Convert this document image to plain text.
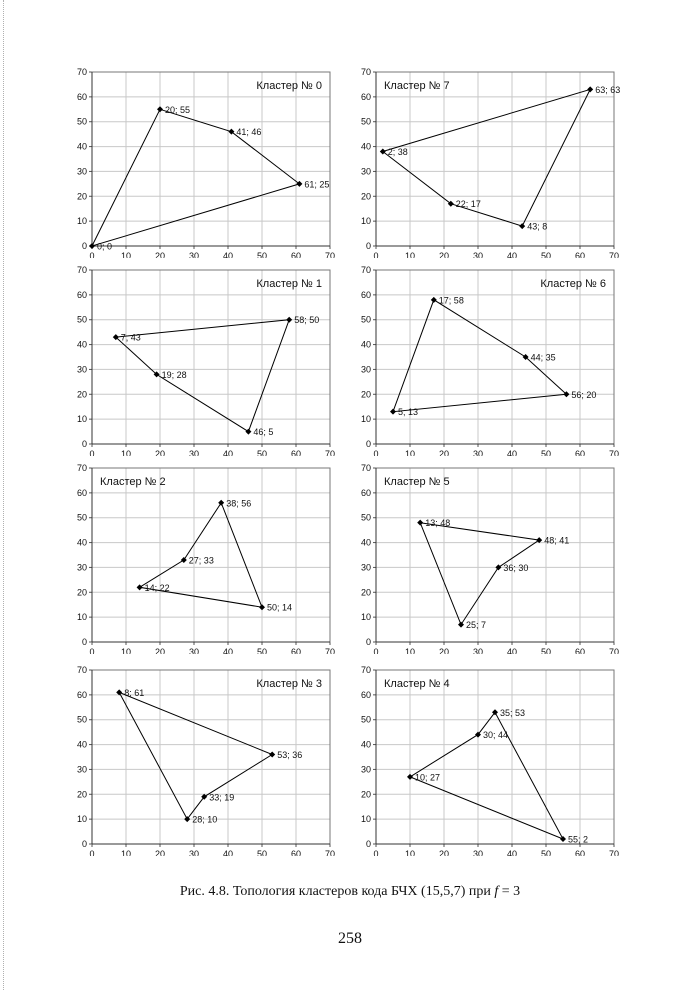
0	10	20	30	40	50	60	70
0
10
20
30
40
50
60
70
0; 0
20; 55
41; 46
61; 25
Кластер № 0
0	10	20	30	40	50	60	70
0
10
20
30
40
50
60
70
2; 38
22; 17
43; 8
63; 63
Кластер № 7
0	10	20	30	40	50	60	70
0
10
20
30
40
50
60
70
7; 43
19; 28
46; 5
58; 50
Кластер № 1
0	10	20	30	40	50	60	70
0
10
20
30
40
50
60
70
5; 13
17; 58
44; 35
56; 20
Кластер № 6
0	10	20	30	40	50	60	70
0
10
20
30
40
50
60
70
14; 22
27; 33
38; 56
50; 14
Кластер № 2
0	10	20	30	40	50	60	70
0
10
20
30
40
50
60
70
13; 48
25; 7
36; 30
48; 41
Кластер № 5
0	10	20	30	40	50	60	70
0
10
20
30
40
50
60
70
8; 61
28; 10
33; 19
53; 36
Кластер № 3
0	10	20	30	40	50	60	70
0
10
20
30
40
50
60
70
10; 27
30; 44
35; 53
55; 2
Кластер № 4
Рис. 4.8. Топология кластеров кода БЧХ (15,5,7) при f = 3
258
